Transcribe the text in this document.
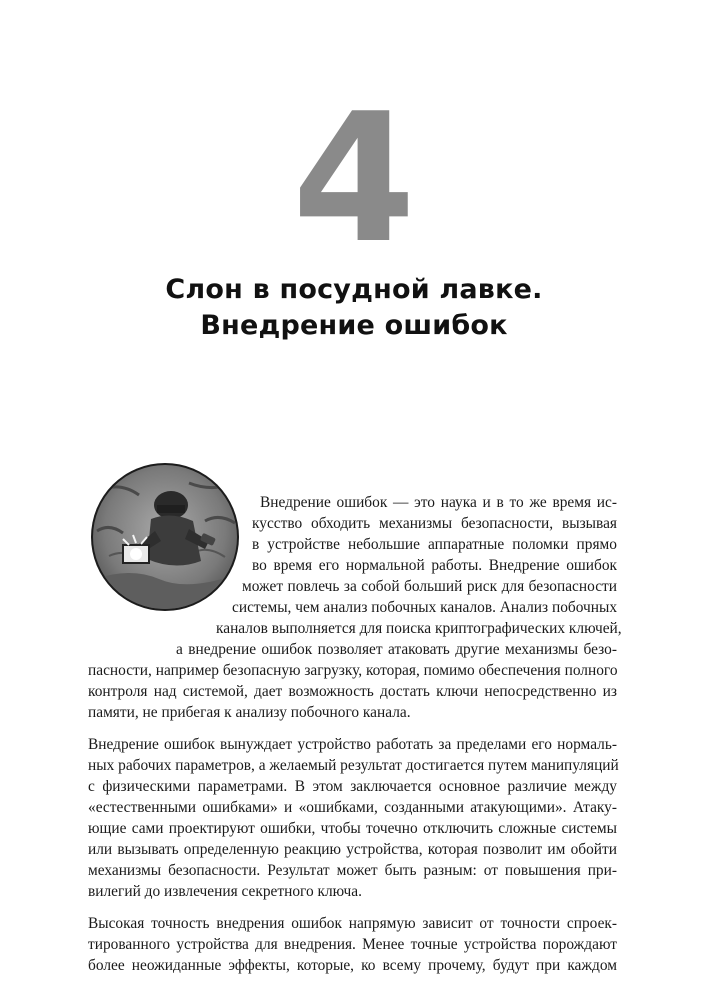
4
Слон в посудной лавке.
Внедрение ошибок
Внедрение ошибок — это наука и в то же время ис-
кусство обходить механизмы безопасности, вызывая
в устройстве небольшие аппаратные поломки прямо
во время его нормальной работы. Внедрение ошибок
может повлечь за собой больший риск для безопасности
системы, чем анализ побочных каналов. Анализ побочных
каналов выполняется для поиска криптографических ключей,
а внедрение ошибок позволяет атаковать другие механизмы безо-
пасности, например безопасную загрузку, которая, помимо обеспечения полного
контроля над системой, дает возможность достать ключи непосредственно из
памяти, не прибегая к анализу побочного канала.
Внедрение ошибок вынуждает устройство работать за пределами его нормаль-
ных рабочих параметров, а желаемый результат достигается путем манипуляций
с физическими параметрами. В этом заключается основное различие между
«естественными ошибками» и «ошибками, созданными атакующими». Атаку-
ющие сами проектируют ошибки, чтобы точечно отключить сложные системы
или вызывать определенную реакцию устройства, которая позволит им обойти
механизмы безопасности. Результат может быть разным: от повышения при-
вилегий до извлечения секретного ключа.
Высокая точность внедрения ошибок напрямую зависит от точности спроек-
тированного устройства для внедрения. Менее точные устройства порождают
более неожиданные эффекты, которые, ко всему прочему, будут при каждом
